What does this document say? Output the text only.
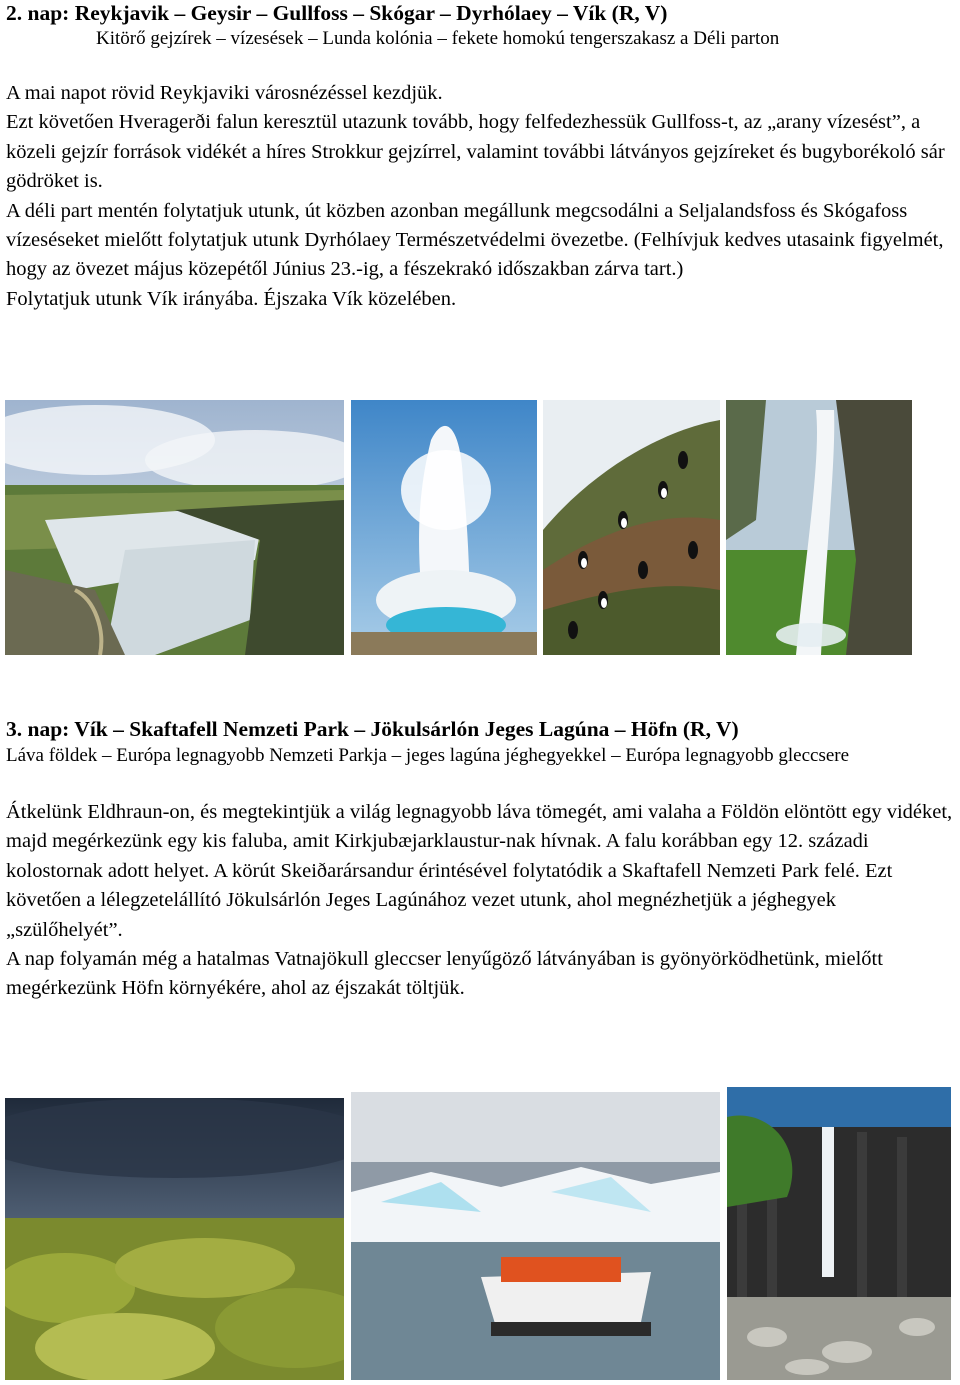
2. nap: Reykjavik – Geysir – Gullfoss – Skógar – Dyrhólaey – Vík (R, V)
Kitörő gejzírek – vízesések – Lunda kolónia – fekete homokú tengerszakasz a Déli parton

A mai napot rövid Reykjaviki városnézéssel kezdjük.

Ezt követően Hveragerði falun keresztül utazunk tovább, hogy felfedezhessük Gullfoss-t, az „arany vízesést”, a közeli gejzír források vidékét a híres Strokkur gejzírrel, valamint további látványos gejzíreket és bugyborékoló sár gödröket is.

A déli part mentén folytatjuk utunk, út közben azonban megállunk megcsodálni a Seljalandsfoss és Skógafoss vízeséseket mielőtt folytatjuk utunk Dyrhólaey Természetvédelmi övezetbe. (Felhívjuk kedves utasaink figyelmét, hogy az övezet május közepétől Június 23.-ig, a fészekrakó időszakban zárva tart.)

Folytatjuk utunk Vík irányába. Éjszaka Vík közelében.

3. nap: Vík – Skaftafell Nemzeti Park – Jökulsárlón Jeges Lagúna – Höfn (R, V)
Láva földek – Európa legnagyobb Nemzeti Parkja – jeges lagúna jéghegyekkel – Európa legnagyobb gleccsere

Átkelünk Eldhraun-on, és megtekintjük a világ legnagyobb láva tömegét, ami valaha a Földön elöntött egy vidéket, majd megérkezünk egy kis faluba, amit Kirkjubæjarklaustur-nak hívnak. A falu korábban egy 12. századi kolostornak adott helyet. A körút Skeiðarársandur érintésével folytatódik a Skaftafell Nemzeti Park felé. Ezt követően a lélegzetelállító Jökulsárlón Jeges Lagúnához vezet utunk, ahol megnézhetjük a jéghegyek „szülőhelyét”.

A nap folyamán még a hatalmas Vatnajökull gleccser lenyűgöző látványában is gyönyörködhetünk, mielőtt megérkezünk Höfn környékére, ahol az éjszakát töltjük.
